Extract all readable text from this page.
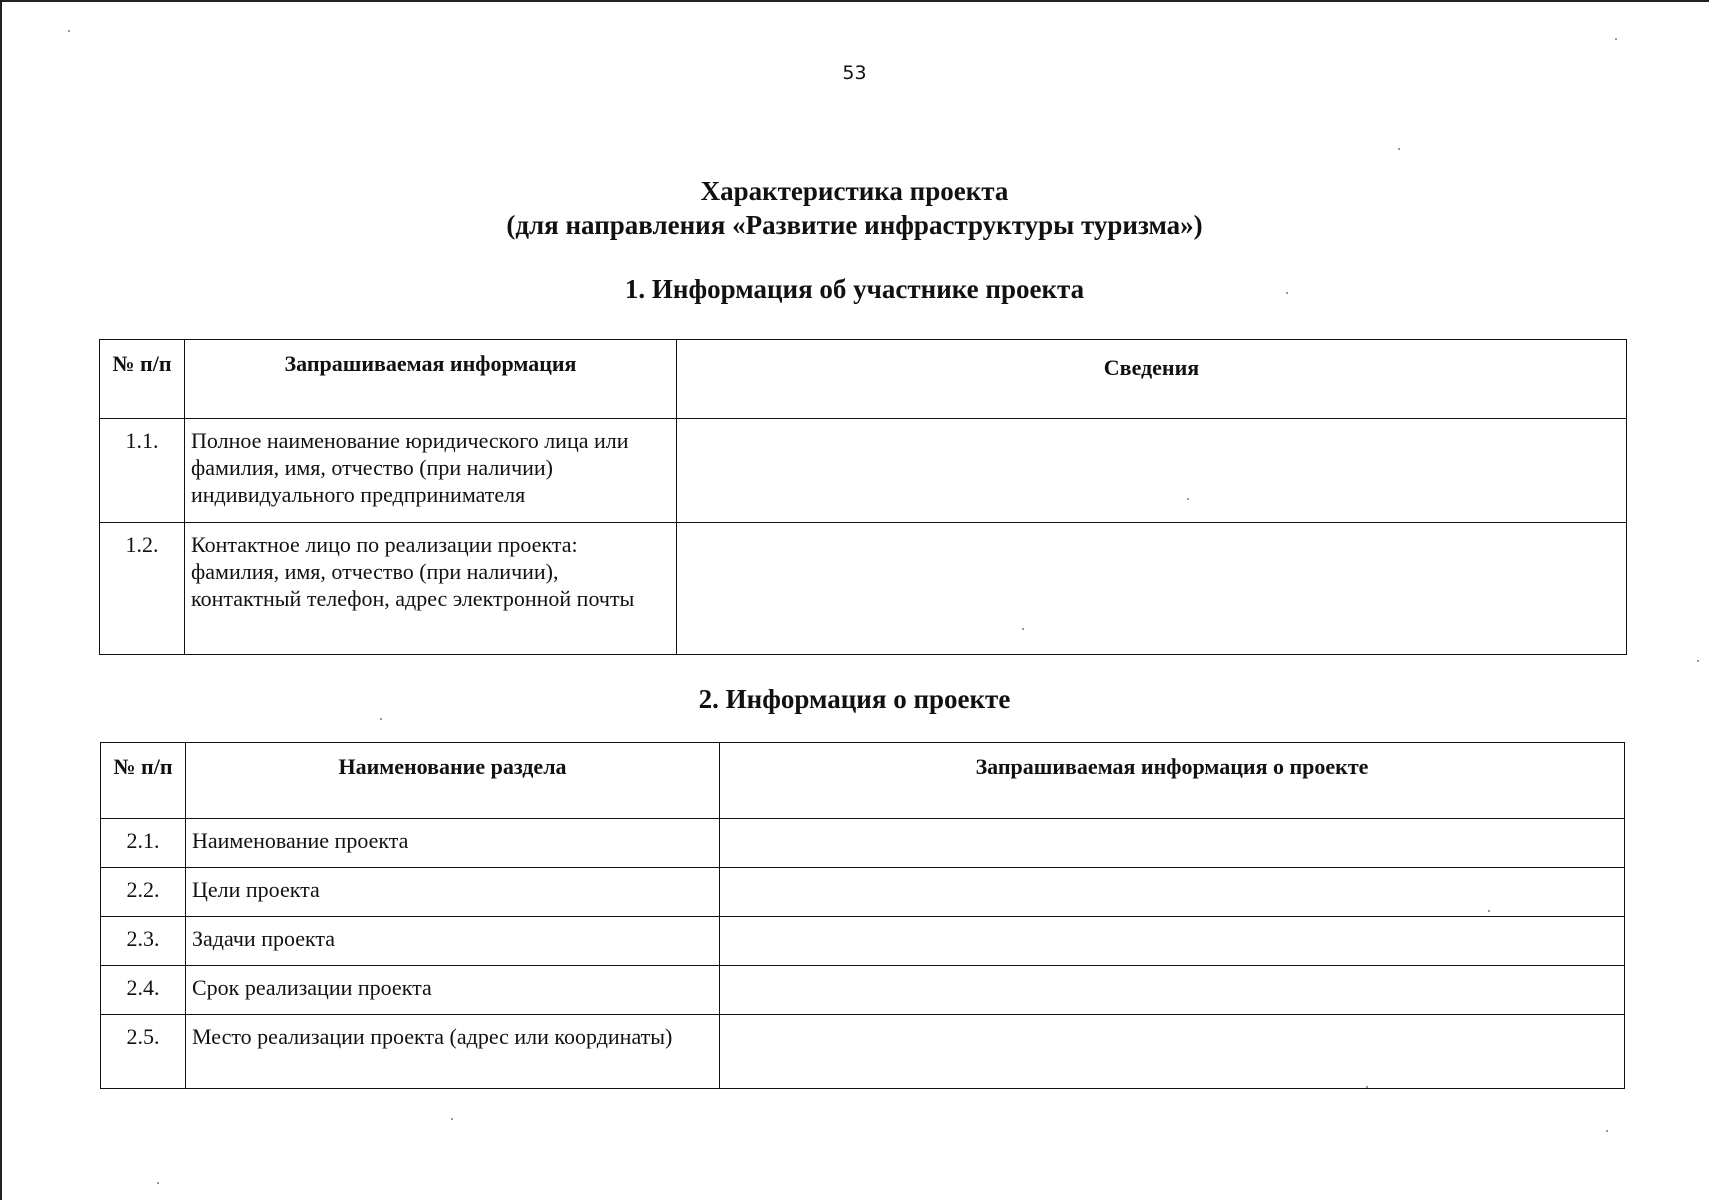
53
Характеристика проекта
(для направления «Развитие инфраструктуры туризма»)
1. Информация об участнике проекта
№ п/п	Запрашиваемая информация	Сведения
1.1.	Полное наименование юридического лица или фамилия, имя, отчество (при наличии) индивидуального предпринимателя	
1.2.	Контактное лицо по реализации проекта: фамилия, имя, отчество (при наличии), контактный телефон, адрес электронной почты	
2. Информация о проекте
№ п/п	Наименование раздела	Запрашиваемая информация о проекте
2.1.	Наименование проекта	
2.2.	Цели проекта	
2.3.	Задачи проекта	
2.4.	Срок реализации проекта	
2.5.	Место реализации проекта (адрес или координаты)	
